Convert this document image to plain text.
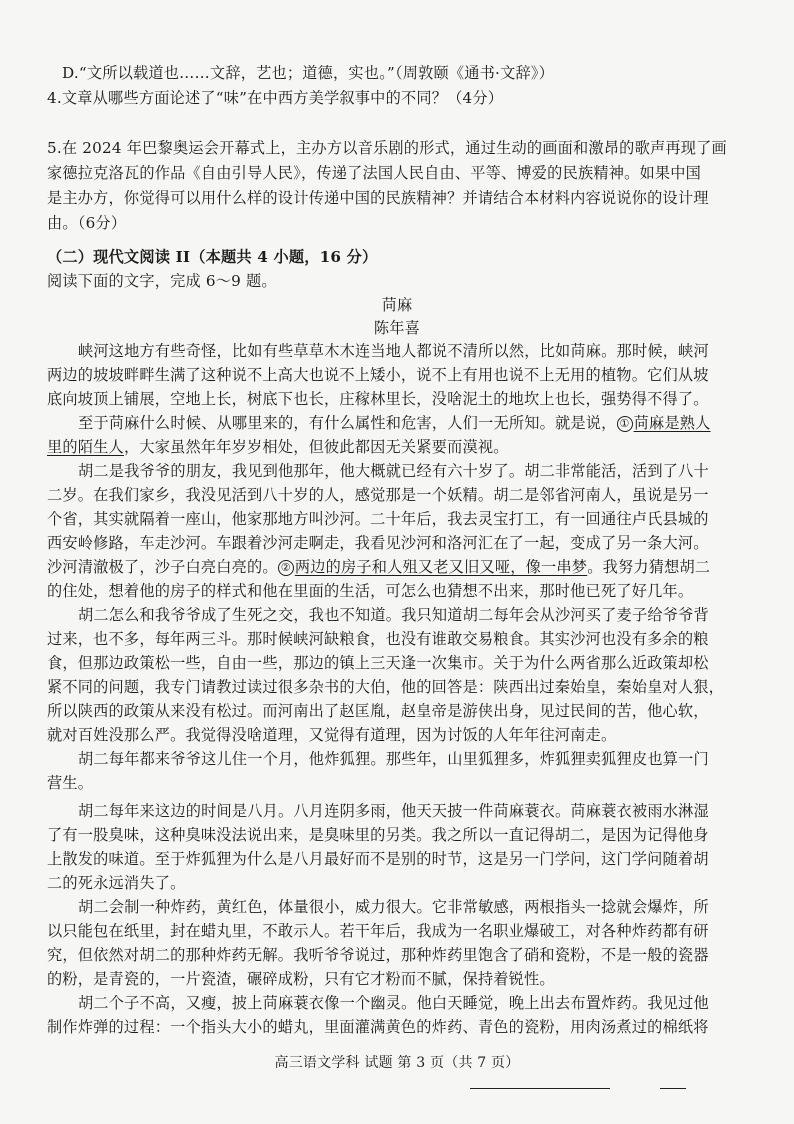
D.“文所以载道也……文辞，艺也；道德，实也。”（周敦颐《通书·文辞》）
4.文章从哪些方面论述了“味”在中西方美学叙事中的不同？（4分）
5.在 2024 年巴黎奥运会开幕式上，主办方以音乐剧的形式，通过生动的画面和激昂的歌声再现了画
家德拉克洛瓦的作品《自由引导人民》，传递了法国人民自由、平等、博爱的民族精神。如果中国
是主办方，你觉得可以用什么样的设计传递中国的民族精神？并请结合本材料内容说说你的设计理
由。（6分）
（二）现代文阅读 II（本题共 4 小题，16 分）
阅读下面的文字，完成 6～9 题。
苘麻
陈年喜
峡河这地方有些奇怪，比如有些草草木木连当地人都说不清所以然，比如苘麻。那时候，峡河
两边的坡坡畔畔生满了这种说不上高大也说不上矮小，说不上有用也说不上无用的植物。它们从坡
底向坡顶上铺展，空地上长，树底下也长，庄稼林里长，没啥泥土的地坎上也长，强势得不得了。
至于苘麻什么时候、从哪里来的，有什么属性和危害，人们一无所知。就是说， ① 苘麻是熟人
里的陌生人，大家虽然年年岁岁相处，但彼此都因无关紧要而漠视。
胡二是我爷爷的朋友，我见到他那年，他大概就已经有六十岁了。胡二非常能活，活到了八十
二岁。在我们家乡，我没见活到八十岁的人，感觉那是一个妖精。胡二是邻省河南人，虽说是另一
个省，其实就隔着一座山，他家那地方叫沙河。二十年后，我去灵宝打工，有一回通往卢氏县城的
西安岭修路，车走沙河。车跟着沙河走啊走，我看见沙河和洛河汇在了一起，变成了另一条大河。
沙河清澈极了，沙子白亮白亮的。 ② 两边的房子和人殂又老又旧又哑，像一串梦。我努力猜想胡二
的住处，想着他的房子的样式和他在里面的生活，可怎么也猜想不出来，那时他已死了好几年。
胡二怎么和我爷爷成了生死之交，我也不知道。我只知道胡二每年会从沙河买了麦子给爷爷背
过来，也不多，每年两三斗。那时候峡河缺粮食，也没有谁敢交易粮食。其实沙河也没有多余的粮
食，但那边政策松一些，自由一些，那边的镇上三天逢一次集市。关于为什么两省那么近政策却松
紧不同的问题，我专门请教过读过很多杂书的大伯，他的回答是：陕西出过秦始皇，秦始皇对人狠，
所以陕西的政策从来没有松过。而河南出了赵匡胤，赵皇帝是游侠出身，见过民间的苦，他心软，
就对百姓没那么严。我觉得没啥道理，又觉得有道理，因为讨饭的人年年往河南走。
胡二每年都来爷爷这儿住一个月，他炸狐狸。那些年，山里狐狸多，炸狐狸卖狐狸皮也算一门
营生。
胡二每年来这边的时间是八月。八月连阴多雨，他天天披一件苘麻蓑衣。苘麻蓑衣被雨水淋湿
了有一股臭味，这种臭味没法说出来，是臭味里的另类。我之所以一直记得胡二，是因为记得他身
上散发的味道。至于炸狐狸为什么是八月最好而不是别的时节，这是另一门学问，这门学问随着胡
二的死永远消失了。
胡二会制一种炸药，黄红色，体量很小，威力很大。它非常敏感，两根指头一捻就会爆炸，所
以只能包在纸里，封在蜡丸里，不敢示人。若干年后，我成为一名职业爆破工，对各种炸药都有研
究，但依然对胡二的那种炸药无解。我听爷爷说过，那种炸药里饱含了硝和瓷粉，不是一般的瓷器
的粉，是青瓷的，一片瓷渣，碾碎成粉，只有它才粉而不腻，保持着锐性。
胡二个子不高，又瘦，披上苘麻蓑衣像一个幽灵。他白天睡觉，晚上出去布置炸药。我见过他
制作炸弹的过程：一个指头大小的蜡丸，里面灌满黄色的炸药、青色的瓷粉，用肉汤煮过的棉纸将
高三语文学科 试题 第 3 页（共 7 页）
